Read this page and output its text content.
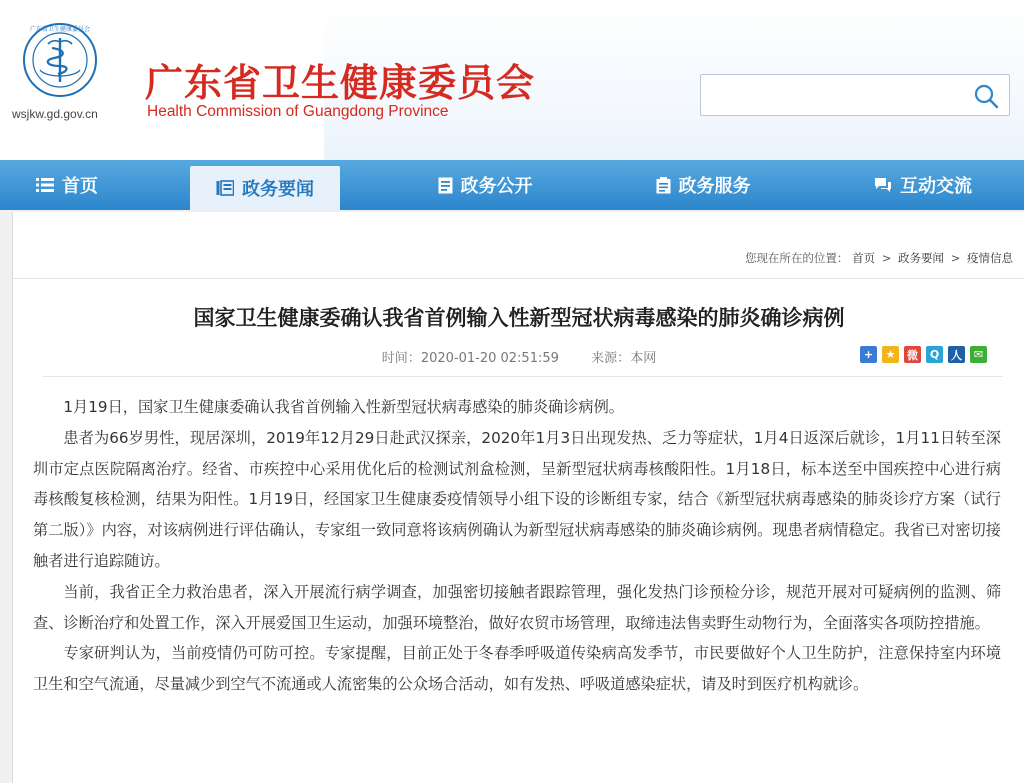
广东省卫生健康委员会
wsjkw.gd.gov.cn
广东省卫生健康委员会
Health Commission of Guangdong Province
首页	政务要闻	政务公开	政务服务	互动交流
您现在所在的位置： 首页 > 政务要闻 > 疫情信息
国家卫生健康委确认我省首例输入性新型冠状病毒感染的肺炎确诊病例
时间：2020-01-20 02:51:59 来源：本网	+	★	微	Q	人	✉

1月19日，国家卫生健康委确认我省首例输入性新型冠状病毒感染的肺炎确诊病例。

患者为66岁男性，现居深圳，2019年12月29日赴武汉探亲，2020年1月3日出现发热、乏力等症状，1月4日返深后就诊，1月11日转至深圳市定点医院隔离治疗。经省、市疾控中心采用优化后的检测试剂盒检测，呈新型冠状病毒核酸阳性。1月18日，标本送至中国疾控中心进行病毒核酸复核检测，结果为阳性。1月19日，经国家卫生健康委疫情领导小组下设的诊断组专家，结合《新型冠状病毒感染的肺炎诊疗方案（试行第二版）》内容，对该病例进行评估确认，专家组一致同意将该病例确认为新型冠状病毒感染的肺炎确诊病例。现患者病情稳定。我省已对密切接触者进行追踪随访。

当前，我省正全力救治患者，深入开展流行病学调查，加强密切接触者跟踪管理，强化发热门诊预检分诊，规范开展对可疑病例的监测、筛查、诊断治疗和处置工作，深入开展爱国卫生运动，加强环境整治，做好农贸市场管理，取缔违法售卖野生动物行为，全面落实各项防控措施。

专家研判认为，当前疫情仍可防可控。专家提醒，目前正处于冬春季呼吸道传染病高发季节，市民要做好个人卫生防护，注意保持室内环境卫生和空气流通，尽量减少到空气不流通或人流密集的公众场合活动，如有发热、呼吸道感染症状，请及时到医疗机构就诊。
